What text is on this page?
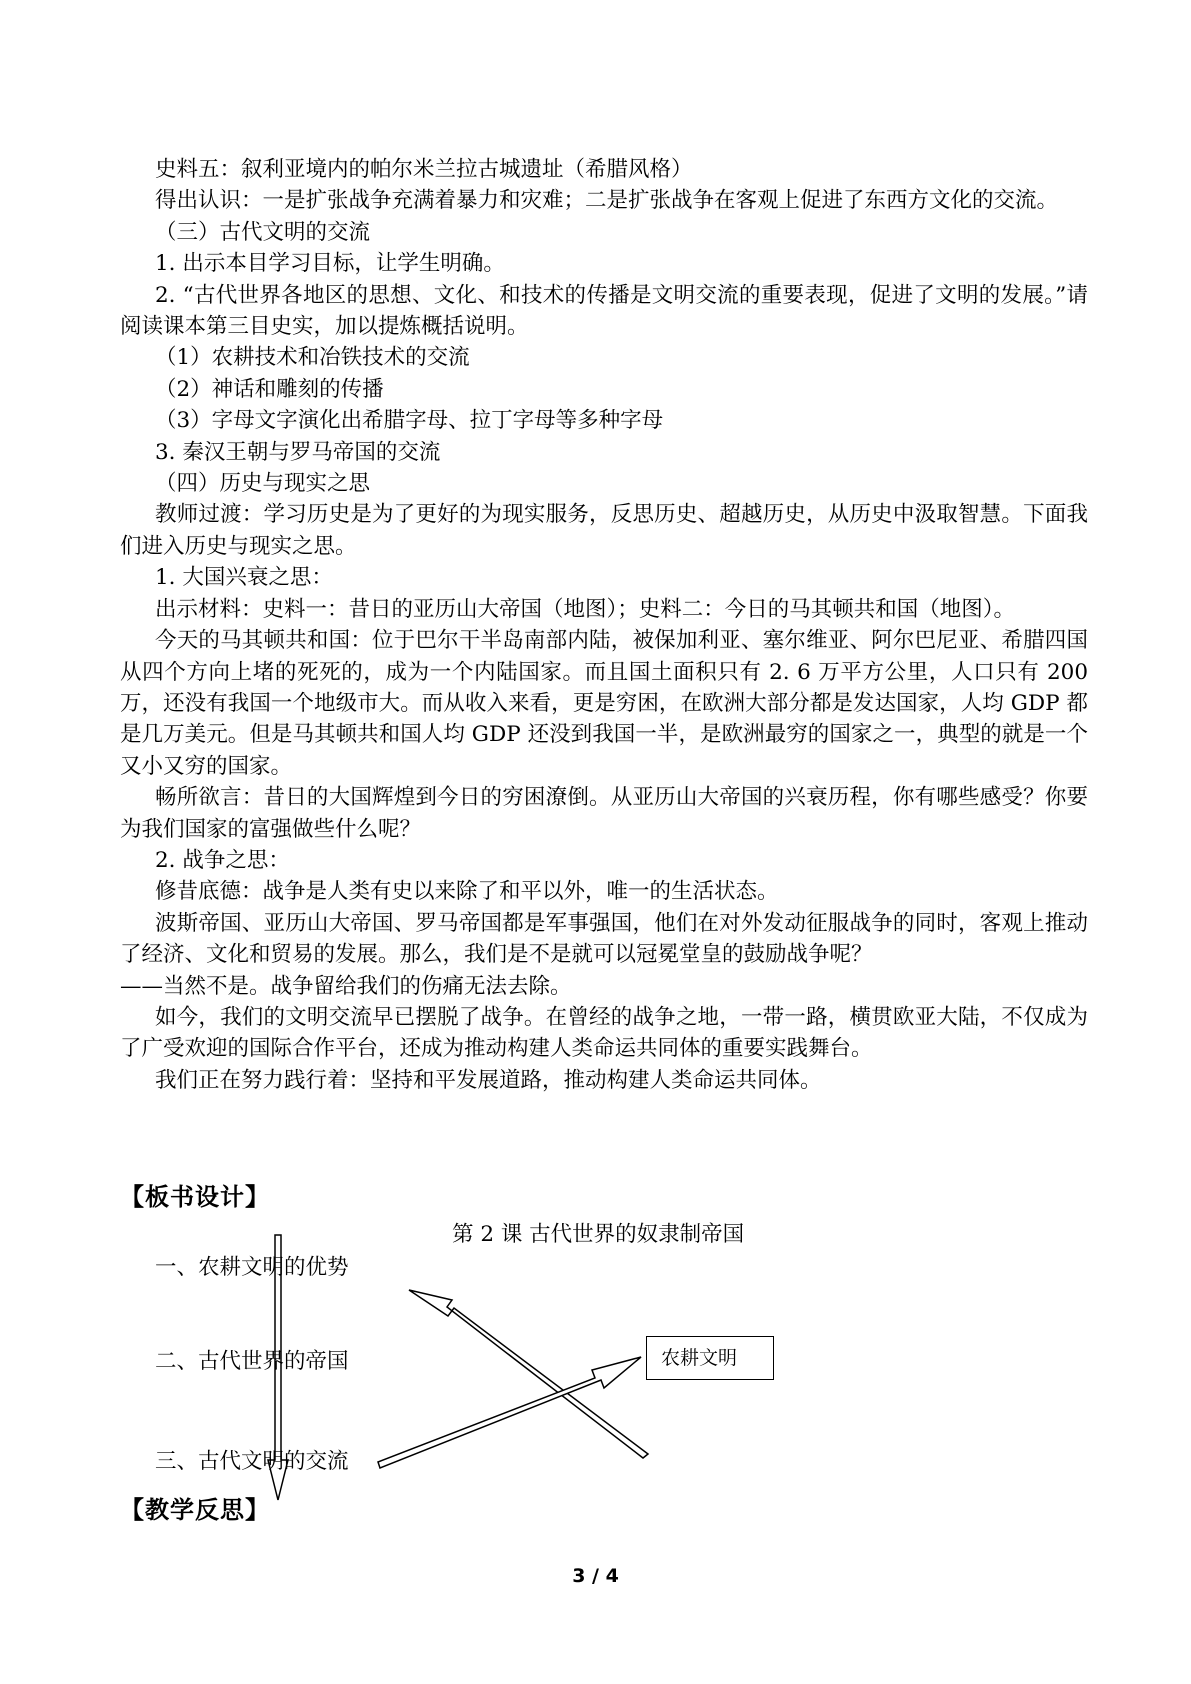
史料五：叙利亚境内的帕尔米兰拉古城遗址（希腊风格）

得出认识：一是扩张战争充满着暴力和灾难；二是扩张战争在客观上促进了东西方文化的交流。

（三）古代文明的交流

1. 出示本目学习目标，让学生明确。

2. “古代世界各地区的思想、文化、和技术的传播是文明交流的重要表现，促进了文明的发展。”请阅读课本第三目史实，加以提炼概括说明。

（1）农耕技术和冶铁技术的交流

（2）神话和雕刻的传播

（3）字母文字演化出希腊字母、拉丁字母等多种字母

3. 秦汉王朝与罗马帝国的交流

（四）历史与现实之思

教师过渡：学习历史是为了更好的为现实服务，反思历史、超越历史，从历史中汲取智慧。下面我们进入历史与现实之思。

1. 大国兴衰之思：

出示材料：史料一：昔日的亚历山大帝国（地图）；史料二：今日的马其顿共和国（地图）。

今天的马其顿共和国：位于巴尔干半岛南部内陆，被保加利亚、塞尔维亚、阿尔巴尼亚、希腊四国从四个方向上堵的死死的，成为一个内陆国家。而且国土面积只有 2. 6 万平方公里，人口只有 200 万，还没有我国一个地级市大。而从收入来看，更是穷困，在欧洲大部分都是发达国家，人均 GDP 都是几万美元。但是马其顿共和国人均 GDP 还没到我国一半，是欧洲最穷的国家之一，典型的就是一个又小又穷的国家。

畅所欲言：昔日的大国辉煌到今日的穷困潦倒。从亚历山大帝国的兴衰历程，你有哪些感受？你要为我们国家的富强做些什么呢？

2. 战争之思：

修昔底德：战争是人类有史以来除了和平以外，唯一的生活状态。

波斯帝国、亚历山大帝国、罗马帝国都是军事强国，他们在对外发动征服战争的同时，客观上推动了经济、文化和贸易的发展。那么，我们是不是就可以冠冕堂皇的鼓励战争呢？

——当然不是。战争留给我们的伤痛无法去除。

如今，我们的文明交流早已摆脱了战争。在曾经的战争之地，一带一路，横贯欧亚大陆，不仅成为了广受欢迎的国际合作平台，还成为推动构建人类命运共同体的重要实践舞台。

我们正在努力践行着：坚持和平发展道路，推动构建人类命运共同体。

【板书设计】
第 2 课 古代世界的奴隶制帝国
一、农耕文明的优势
二、古代世界的帝国
三、古代文明的交流
农耕文明
【教学反思】
3 / 4
